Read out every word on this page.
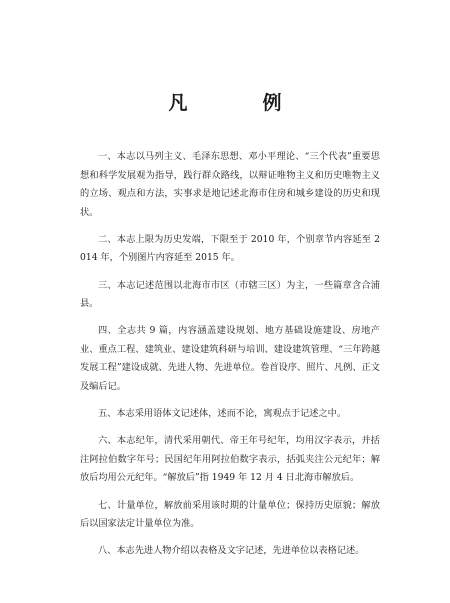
凡　例

一、本志以马列主义、毛泽东思想、邓小平理论、“三个代表”重要思想和科学发展观为指导，践行群众路线，以辩证唯物主义和历史唯物主义的立场、观点和方法，实事求是地记述北海市住房和城乡建设的历史和现状。

二、本志上限为历史发端，下限至于 2010 年，个别章节内容延至 2014 年，个别图片内容延至 2015 年。

三、本志记述范围以北海市市区（市辖三区）为主，一些篇章含合浦县。

四、全志共 9 篇，内容涵盖建设规划、地方基础设施建设、房地产业、重点工程、建筑业、建设建筑科研与培训、建设建筑管理、“三年跨越发展工程”建设成就、先进人物、先进单位。卷首设序、照片、凡例、正文及编后记。

五、本志采用语体文记述体，述而不论，寓观点于记述之中。

六、本志纪年，清代采用朝代、帝王年号纪年，均用汉字表示，并括注阿拉伯数字年号；民国纪年用阿拉伯数字表示，括弧夹注公元纪年；解放后均用公元纪年。“解放后”指 1949 年 12 月 4 日北海市解放后。

七、计量单位，解放前采用该时期的计量单位；保持历史原貌；解放后以国家法定计量单位为准。

八、本志先进人物介绍以表格及文字记述，先进单位以表格记述。
